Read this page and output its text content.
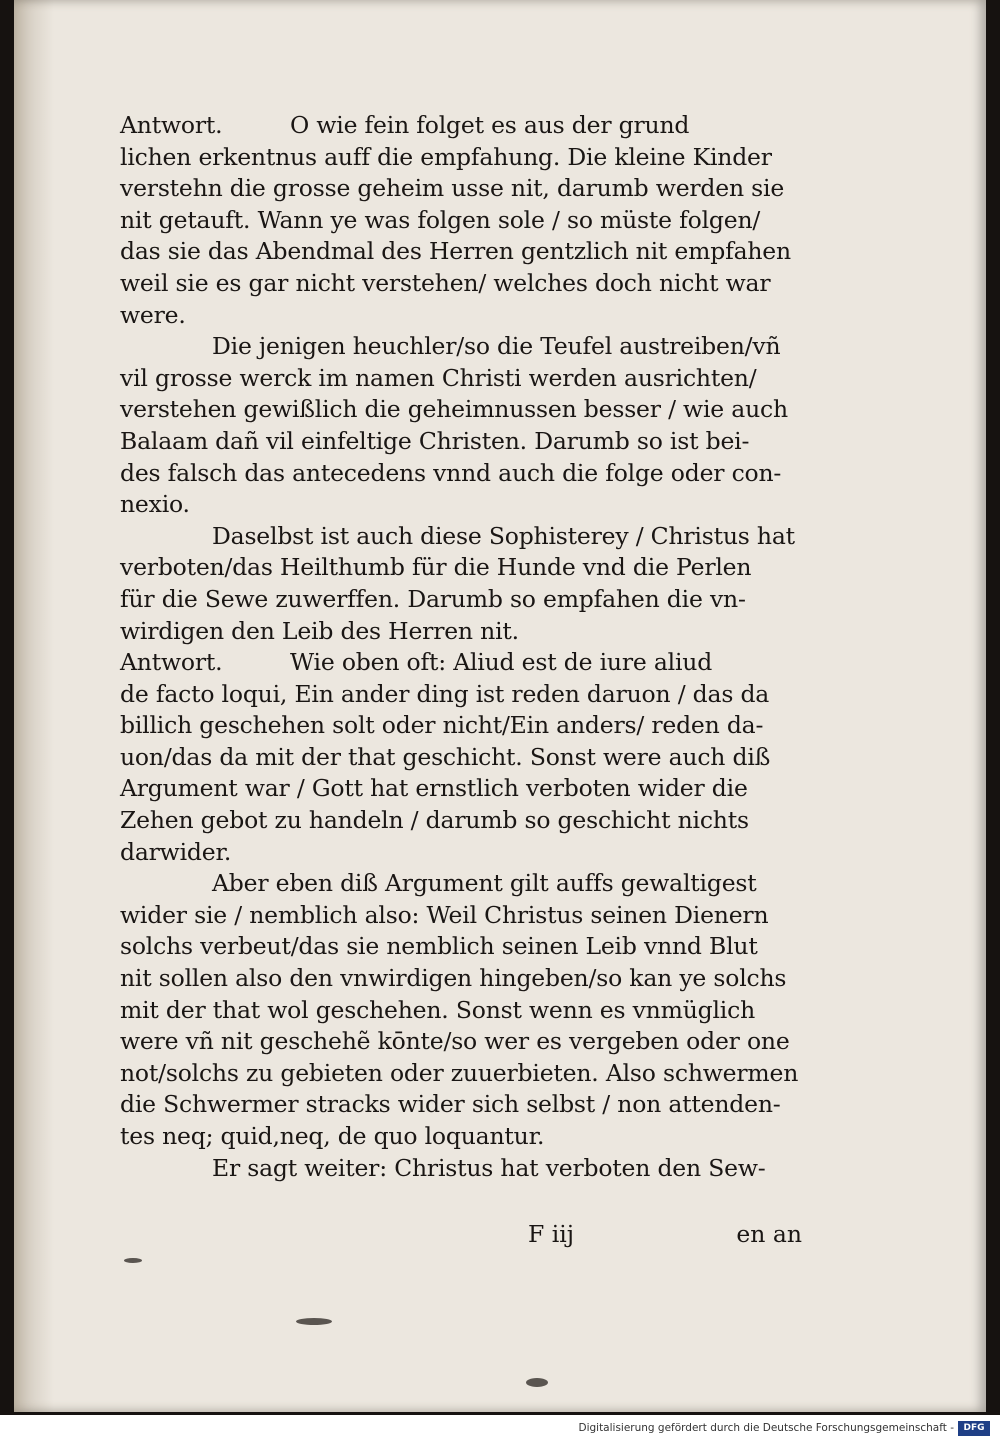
Antwort.	O wie fein folget es aus der grund
lichen erkentnus auff die empfahung. Die kleine Kinder
verstehn die grosse geheim usse nit, darumb werden sie
nit getauft. Wann ye was folgen sole / so müste folgen/
das sie das Abendmal des Herren gentzlich nit empfahen
weil sie es gar nicht verstehen/ welches doch nicht war
were.
Die jenigen heuchler/so die Teufel austreiben/vñ
vil grosse werck im namen Christi werden ausrichten/
verstehen gewißlich die geheimnussen besser / wie auch
Balaam dañ vil einfeltige Christen. Darumb so ist bei-
des falsch das antecedens vnnd auch die folge oder con-
nexio.
Daselbst ist auch diese Sophisterey / Christus hat
verboten/das Heilthumb für die Hunde vnd die Perlen
für die Sewe zuwerffen. Darumb so empfahen die vn-
wirdigen den Leib des Herren nit.
Antwort.	Wie oben oft: Aliud est de iure aliud
de facto loqui, Ein ander ding ist reden daruon / das da
billich geschehen solt oder nicht/Ein anders/ reden da-
uon/das da mit der that geschicht. Sonst were auch diß
Argument war / Gott hat ernstlich verboten wider die
Zehen gebot zu handeln / darumb so geschicht nichts
darwider.
Aber eben diß Argument gilt auffs gewaltigest
wider sie / nemblich also: Weil Christus seinen Dienern
solchs verbeut/das sie nemblich seinen Leib vnnd Blut
nit sollen also den vnwirdigen hingeben/so kan ye solchs
mit der that wol geschehen. Sonst wenn es vnmüglich
were vñ nit geschehẽ kōnte/so wer es vergeben oder one
not/solchs zu gebieten oder zuuerbieten. Also schwermen
die Schwermer stracks wider sich selbst / non attenden-
tes neq; quid,neq, de quo loquantur.
Er sagt weiter: Christus hat verboten den Sew-
F iij	en an
Digitalisierung gefördert durch die Deutsche Forschungsgemeinschaft -	DFG
